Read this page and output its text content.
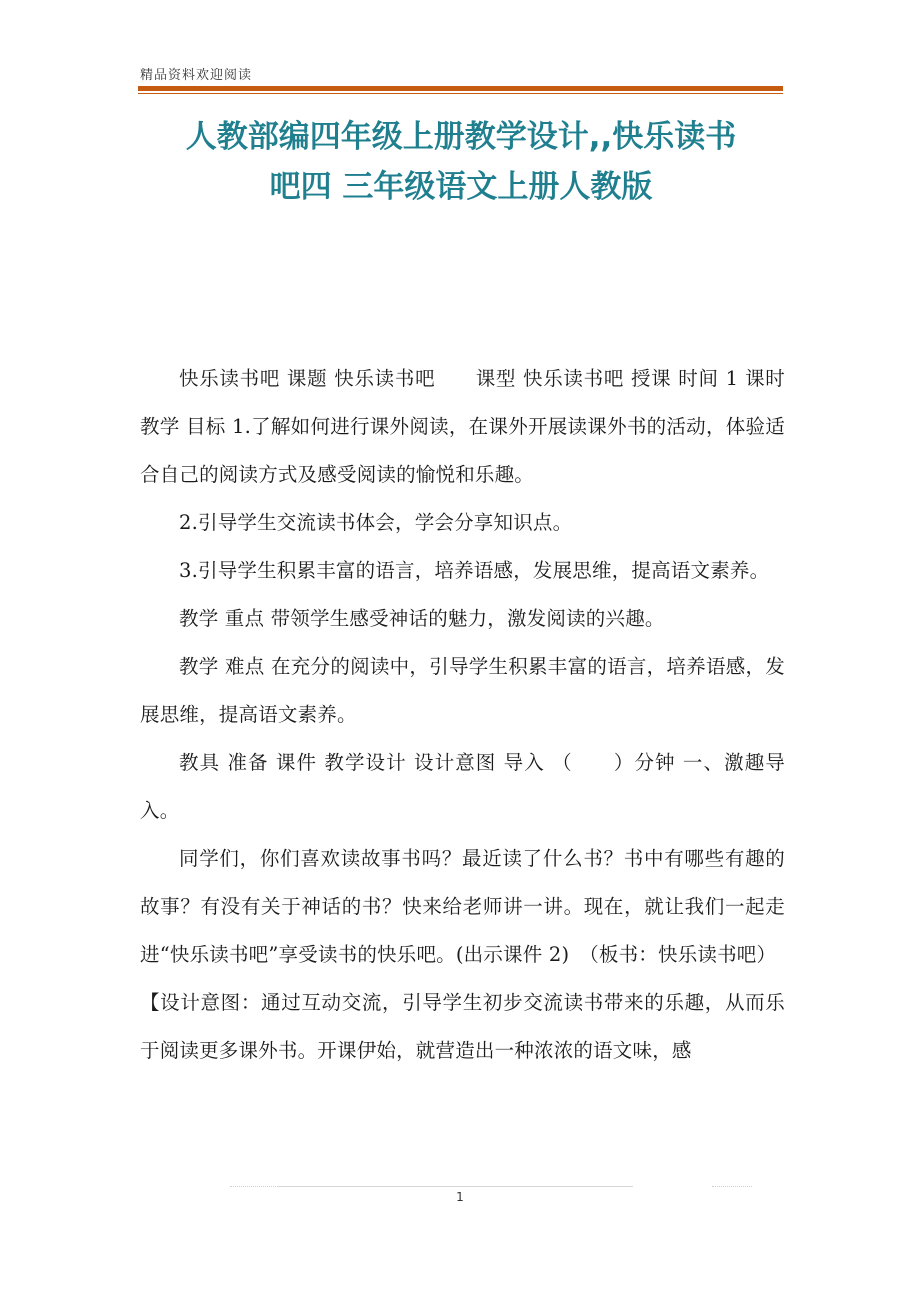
精品资料欢迎阅读
人教部编四年级上册教学设计,,快乐读书
吧四 三年级语文上册人教版

快乐读书吧 课题 快乐读书吧　　课型 快乐读书吧 授课 时间 1 课时　 教学 目标 1.了解如何进行课外阅读，在课外开展读课外书的活动，体验适合自己的阅读方式及感受阅读的愉悦和乐趣。

2.引导学生交流读书体会，学会分享知识点。

3.引导学生积累丰富的语言，培养语感，发展思维，提高语文素养。

教学 重点 带领学生感受神话的魅力，激发阅读的兴趣。

教学 难点 在充分的阅读中，引导学生积累丰富的语言，培养语感，发展思维，提高语文素养。

教具 准备 课件 教学设计 设计意图 导入 （　　）分钟 一、激趣导入。

同学们，你们喜欢读故事书吗？最近读了什么书？书中有哪些有趣的故事？有没有关于神话的书？快来给老师讲一讲。现在，就让我们一起走进“快乐读书吧”享受读书的快乐吧。(出示课件 2)　（板书：快乐读书吧）

【设计意图：通过互动交流，引导学生初步交流读书带来的乐趣，从而乐于阅读更多课外书。开课伊始，就营造出一种浓浓的语文味，感

1
